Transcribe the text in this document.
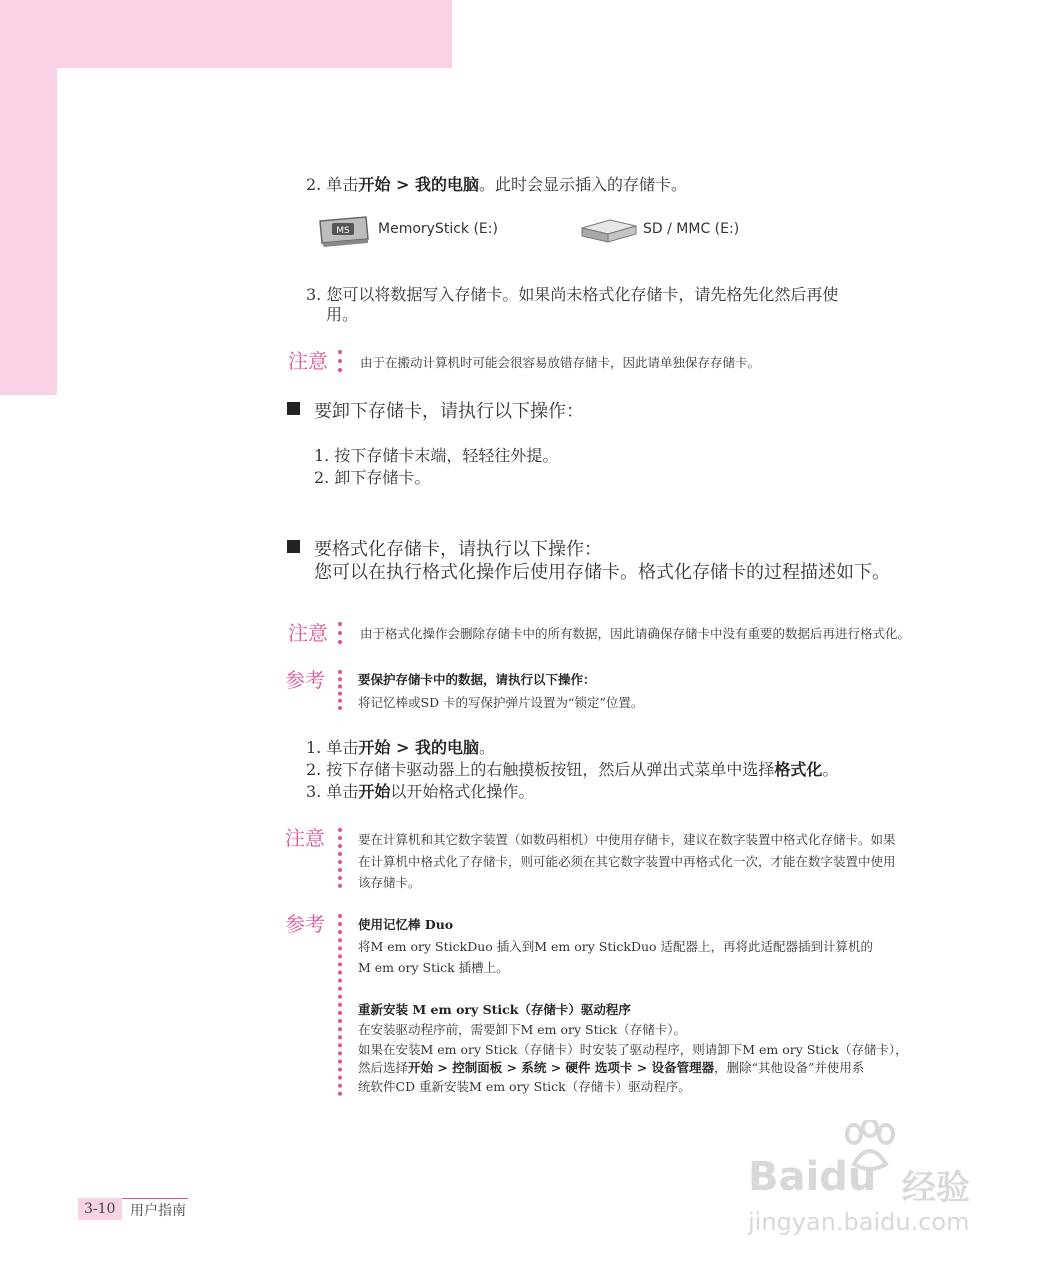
2. 单击开始 > 我的电脑。此时会显示插入的存储卡。
MS MemoryStick (E:)	SD / MMC (E:)
3. 您可以将数据写入存储卡。如果尚未格式化存储卡，请先格先化然后再使
用。
注意	由于在搬动计算机时可能会很容易放错存储卡，因此请单独保存存储卡。
要卸下存储卡，请执行以下操作：
1. 按下存储卡末端，轻轻往外提。
2. 卸下存储卡。
要格式化存储卡，请执行以下操作：
您可以在执行格式化操作后使用存储卡。格式化存储卡的过程描述如下。
注意	由于格式化操作会删除存储卡中的所有数据，因此请确保存储卡中没有重要的数据后再进行格式化。
参考	要保护存储卡中的数据，请执行以下操作：
将记忆棒或SD 卡的写保护弹片设置为“锁定”位置。
1. 单击开始 > 我的电脑。
2. 按下存储卡驱动器上的右触摸板按钮，然后从弹出式菜单中选择格式化。
3. 单击开始以开始格式化操作。
注意	要在计算机和其它数字装置（如数码相机）中使用存储卡，建议在数字装置中格式化存储卡。如果
在计算机中格式化了存储卡，则可能必须在其它数字装置中再格式化一次，才能在数字装置中使用
该存储卡。
参考	使用记忆棒 Duo
将M em ory StickDuo 插入到M em ory StickDuo 适配器上，再将此适配器插到计算机的
M em ory Stick 插槽上。
重新安装 M em ory Stick（存储卡）驱动程序
在安装驱动程序前，需要卸下M em ory Stick（存储卡）。
如果在安装M em ory Stick（存储卡）时安装了驱动程序，则请卸下M em ory Stick（存储卡），
然后选择开始 > 控制面板 > 系统 > 硬件 选项卡 > 设备管理器，删除“其他设备”并使用系
统软件CD 重新安装M em ory Stick（存储卡）驱动程序。
3-10	用户指南
Baidu 经验
jingyan.baidu.com
